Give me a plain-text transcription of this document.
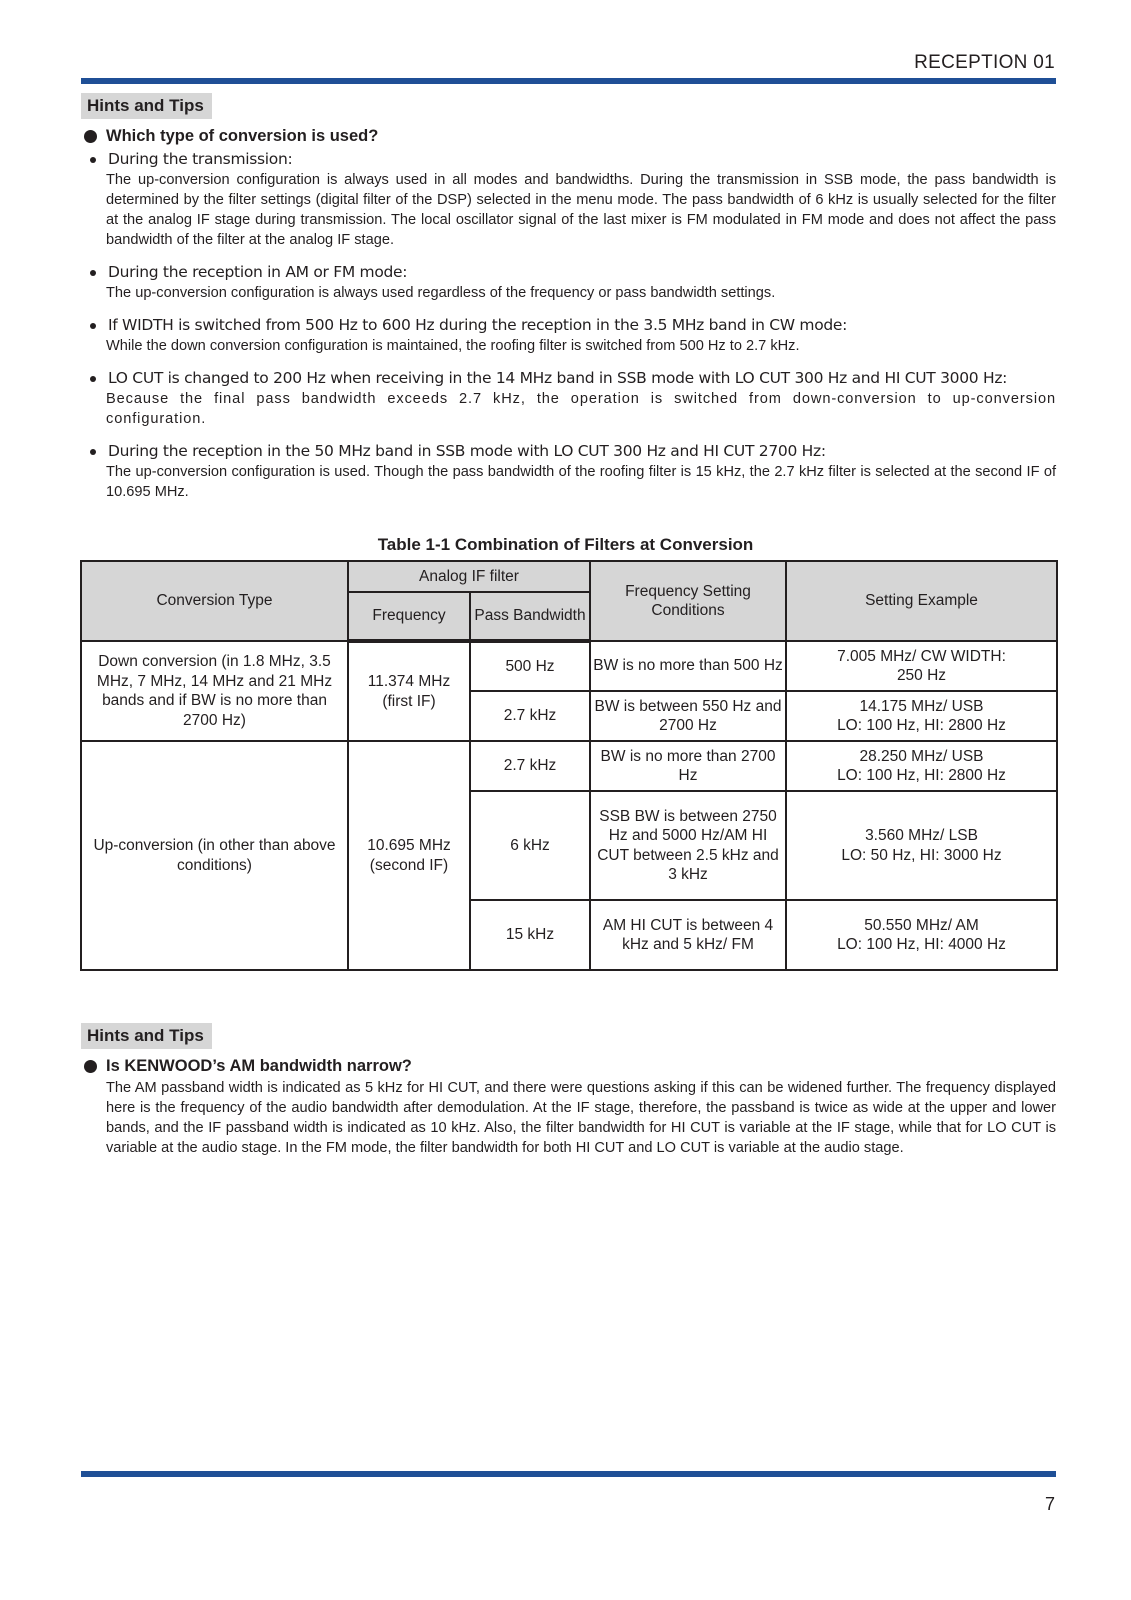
RECEPTION 01
Hints and Tips
Which type of conversion is used?
During the transmission:
The up-conversion configuration is always used in all modes and bandwidths. During the transmission in SSB mode, the pass bandwidth is determined by the filter settings (digital filter of the DSP) selected in the menu mode. The pass bandwidth of 6 kHz is usually selected for the filter at the analog IF stage during transmission. The local oscillator signal of the last mixer is FM modulated in FM mode and does not affect the pass bandwidth of the filter at the analog IF stage.
During the reception in AM or FM mode:
The up-conversion configuration is always used regardless of the frequency or pass bandwidth settings.
If WIDTH is switched from 500 Hz to 600 Hz during the reception in the 3.5 MHz band in CW mode:
While the down conversion configuration is maintained, the roofing filter is switched from 500 Hz to 2.7 kHz.
LO CUT is changed to 200 Hz when receiving in the 14 MHz band in SSB mode with LO CUT 300 Hz and HI CUT 3000 Hz:
Because the final pass bandwidth exceeds 2.7 kHz, the operation is switched from down-conversion to up-conversion configuration.
During the reception in the 50 MHz band in SSB mode with LO CUT 300 Hz and HI CUT 2700 Hz:
The up-conversion configuration is used. Though the pass bandwidth of the roofing filter is 15 kHz, the 2.7 kHz filter is selected at the second IF of 10.695 MHz.
Table 1-1 Combination of Filters at Conversion
Conversion Type	Analog IF filter		Frequency Setting Conditions	Setting Example
	Frequency	Pass Bandwidth		
Down conversion (in 1.8 MHz, 3.5 MHz, 7 MHz, 14 MHz and 21 MHz bands and if BW is no more than 2700 Hz)	11.374 MHz (first IF)	500 Hz	BW is no more than 500 Hz	7.005 MHz/ CW WIDTH:
250 Hz
		2.7 kHz	BW is between 550 Hz and 2700 Hz	14.175 MHz/ USB
LO: 100 Hz, HI: 2800 Hz
Up-conversion (in other than above conditions)	10.695 MHz (second IF)	2.7 kHz	BW is no more than 2700 Hz	28.250 MHz/ USB
LO: 100 Hz, HI: 2800 Hz
		6 kHz	SSB BW is between 2750 Hz and 5000 Hz/AM HI CUT between 2.5 kHz and 3 kHz	3.560 MHz/ LSB
LO: 50 Hz, HI: 3000 Hz
		15 kHz	AM HI CUT is between 4 kHz and 5 kHz/ FM	50.550 MHz/ AM
LO: 100 Hz, HI: 4000 Hz
Hints and Tips
Is KENWOOD’s AM bandwidth narrow?
The AM passband width is indicated as 5 kHz for HI CUT, and there were questions asking if this can be widened further. The frequency displayed here is the frequency of the audio bandwidth after demodulation. At the IF stage, therefore, the passband is twice as wide at the upper and lower bands, and the IF passband width is indicated as 10 kHz. Also, the filter bandwidth for HI CUT is variable at the IF stage, while that for LO CUT is variable at the audio stage. In the FM mode, the filter bandwidth for both HI CUT and LO CUT is variable at the audio stage.
7
